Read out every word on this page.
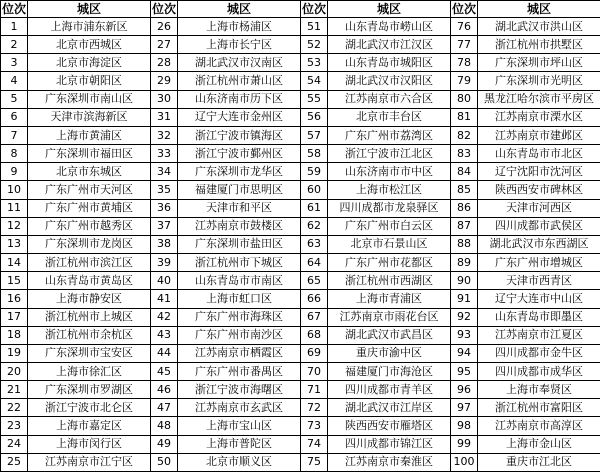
位次	城区	位次	城区	位次	城区	位次	城区
1	上海市浦东新区	26	上海市杨浦区	51	山东青岛市崂山区	76	湖北武汉市洪山区
2	北京市西城区	27	上海市长宁区	52	湖北武汉市江汉区	77	浙江杭州市拱墅区
3	北京市海淀区	28	湖北武汉市汉南区	53	山东青岛市城阳区	78	广东深圳市坪山区
4	北京市朝阳区	29	浙江杭州市萧山区	54	湖北武汉市汉阳区	79	广东深圳市光明区
5	广东深圳市南山区	30	山东济南市历下区	55	江苏南京市六合区	80	黑龙江哈尔滨市平房区
6	天津市滨海新区	31	辽宁大连市金州区	56	北京市丰台区	81	江苏南京市溧水区
7	上海市黄浦区	32	浙江宁波市镇海区	57	广东广州市荔湾区	82	江苏南京市建邺区
8	广东深圳市福田区	33	浙江宁波市鄞州区	58	浙江宁波市江北区	83	山东青岛市市北区
9	北京市东城区	34	广东深圳市龙华区	59	山东济南市市中区	84	辽宁沈阳市沈河区
10	广东广州市天河区	35	福建厦门市思明区	60	上海市松江区	85	陕西西安市碑林区
11	广东广州市黄埔区	36	天津市和平区	61	四川成都市龙泉驿区	86	天津市河西区
12	广东广州市越秀区	37	江苏南京市鼓楼区	62	广东广州市白云区	87	四川成都市武侯区
13	广东深圳市龙岗区	38	广东深圳市盐田区	63	北京市石景山区	88	湖北武汉市东西湖区
14	浙江杭州市滨江区	39	浙江杭州市下城区	64	广东广州市花都区	89	广东广州市增城区
15	山东青岛市黄岛区	40	山东青岛市市南区	65	浙江杭州市西湖区	90	天津市西青区
16	上海市静安区	41	上海市虹口区	66	上海市青浦区	91	辽宁大连市中山区
17	浙江杭州市上城区	42	广东广州市海珠区	67	江苏南京市雨花台区	92	山东青岛市即墨区
18	浙江杭州市余杭区	43	广东广州市南沙区	68	湖北武汉市武昌区	93	江苏南京市江夏区
19	广东深圳市宝安区	44	江苏南京市栖霞区	69	重庆市渝中区	94	四川成都市金牛区
20	上海市徐汇区	45	广东广州市番禺区	70	福建厦门市海沧区	95	四川成都市成华区
21	广东深圳市罗湖区	46	浙江宁波市海曙区	71	四川成都市青羊区	96	上海市奉贤区
22	浙江宁波市北仑区	47	江苏南京市玄武区	72	湖北武汉市江岸区	97	浙江杭州市富阳区
23	上海市嘉定区	48	上海市宝山区	73	陕西西安市雁塔区	98	江苏南京市高淳区
24	上海市闵行区	49	上海市普陀区	74	四川成都市锦江区	99	上海市金山区
25	江苏南京市江宁区	50	北京市顺义区	75	江苏南京市秦淮区	100	重庆市江北区
